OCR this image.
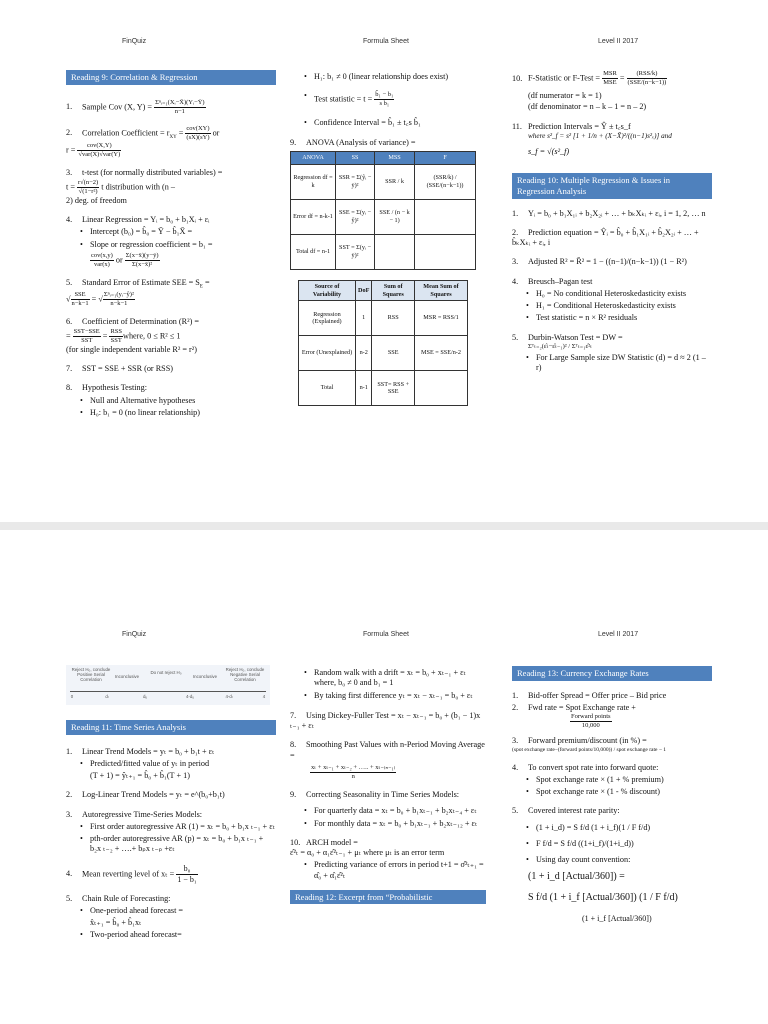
FinQuiz	Formula Sheet	Level II 2017
Reading 9: Correlation & Regression
1. Sample Cov (X, $Y) = \frac{\text{Σⁿᵢ₌₁(Xᵢ−X̄)(Yᵢ−Ȳ)}}{n-1}$
2. Correlation Coefficient = $r_{XY} = \frac{\text{cov(XY)}}{(sX)(sY)}$ or
$r = \frac{\text{cov(X,Y)}}{\text{√var(X)√var(Y)}}$
3. t-test (for normally distributed variables) =
$t = \frac{r√(n-2)}{\text{√(1−r²)}}$ t distribution with (n –
2) deg. of freedom
4. Linear Regression = Yᵢ = b₀ + b₁Xᵢ + εᵢ
• Intercept (b₀) = b̂₀ = Ȳ − b̂₁X̄ =
• Slope or regression coefficient = b₁ =
$\frac{\text{cov(x,y)}}{\text{var(x)}}$ or $\frac{\Sigma(x-x̄)(y-ȳ)}{\text{Σ(x−x̄)²}}$
5. Standard Error of Estimate SEE = $S_E$ =
√ $\frac{\text{SSE}}{n-k-1}$ = √ $\frac{\text{Σⁿᵢ₌₁(yᵢ−ŷ)²}}{n-k-1}$
6. Coefficient of Determination (R²) =
= $\frac{\text{SST−SSE}}{\text{SST}} = \frac{\text{RSS}}{\text{SST}}$ where, 0 ≤ R² ≤ 1
(for single independent variable R² = r²)
7. SST = SSE + SSR (or RSS)
8. Hypothesis Testing:
• Null and Alternative hypotheses
• H₀: b₁ = 0 (no linear relationship)
• H₁: b₁ ≠ 0 (linear relationship does exist)
• Test statistic = $t = \frac{\text{b̂₁ − b₁}}{\text{s b̂₁}}$
• Confidence Interval = b̂₁ ± t꜀s b̂₁
9. ANOVA (Analysis of variance) =
ANOVA	SS	MSS	F
Regression df = k	SSR = Σ(ŷᵢ − ȳ)²	SSR / k	(SSR/k) / (SSE/(n−k−1))
Error df = n-k-1	SSE = Σ(yᵢ − ŷ)²	SSE / (n − k − 1)	
Total df = n-1	SST = Σ(yᵢ − ȳ)²		
Source of Variability	DoF	Sum of Squares	Mean Sum of Squares
Regression (Explained)	1	RSS	MSR = RSS/1
Error (Unexplained)	n-2	SSE	MSE = SSE/n-2
Total	n-1	SST= RSS + SSE	
10. F-Statistic or F-Test = $\frac{\text{MSR}}{\text{MSE}} = \frac{\text{(RSS/k)}}{\text{(SSE/(n−k−1))}}$
(df numerator = k = 1)
(df denominator = n – k – 1 = n – 2)
11. Prediction Intervals = Ŷ ± t꜀s_f
where s²_f = s² [1 + 1/n + (X−X̄)²/((n−1)s²ₓ)] and
s_f = √(s²_f)
Reading 10: Multiple Regression & Issues in Regression Analysis
1. Yᵢ = b₀ + b₁X₁ᵢ + b₂X₂ᵢ + … + bₖXₖᵢ + εᵢ, i = 1, 2, … n
2. Prediction equation = Ŷᵢ = b̂₀ + b̂₁X₁ᵢ + b̂₂X₂ᵢ + … + b̂ₖXₖᵢ + εᵢ, i
3. Adjusted R² = R̄² = 1 − ((n−1)/(n−k−1)) (1 − R²)
4. Breusch–Pagan test
• H₀ = No conditional Heteroskedasticity exists
• H₁ = Conditional Heteroskedasticity exists
• Test statistic = n × R² residuals
5. Durbin-Watson Test = DW =
Σᵀₜ₌₂(ε̂ₜ−ε̂ₜ₋₁)² / Σᵀₜ₌₁ε̂²ₜ
• For Large Sample size DW Statistic (d) = d ≈ 2 (1 – r)
FinQuiz	Formula Sheet	Level II 2017
Reject H₀, conclude Positive Serial Correlation
Inconclusive
Do not reject H₀
Inconclusive
Reject H₀, conclude Negative Serial Correlation
0	dₗ	dᵤ	4-dᵤ	4-dₗ	4
Reading 11: Time Series Analysis
1. Linear Trend Models = yₜ = b₀ + b₁t + εₜ
• Predicted/fitted value of yₜ in period
(T + 1) = ŷₜ₊₁ = b̂₀ + b̂₁(T + 1)
2. Log-Linear Trend Models = yₜ = e^(b₀+b₁t)
3. Autoregressive Time-Series Models:
• First order autoregressive AR (1) = xₜ = b₀ + b₁x ₜ₋₁ + εₜ
• pth-order autoregressive AR (p) = xₜ = b₀ + b₁x ₜ₋₁ + b₂x ₜ₋₂ + ….+ bₚx ₜ₋ₚ +εₜ
4. Mean reverting level of $x_t = \frac{\text{b₀}}{\text{1 − b₁}}$
5. Chain Rule of Forecasting:
• One-period ahead forecast =
x̂ₜ₊₁ = b̂₀ + b̂₁xₜ
• Two-period ahead forecast=
• Random walk with a drift = xₜ = b₀ + xₜ₋₁ + εₜ where, b₀ ≠ 0 and b₁ = 1
• By taking first difference yₜ = xₜ − xₜ₋₁ = b₀ + εₜ
7. Using Dickey-Fuller Test = xₜ − xₜ₋₁ = b₀ + (b₁ − 1)x ₜ₋₁ + εₜ
8. Smoothing Past Values with n-Period Moving Average =
$\frac{\text{xₜ + xₜ₋₁ + xₜ₋₂ + ….. + xₜ₋₍ₙ₋₁₎}}{n}$
9. Correcting Seasonality in Time Series Models:
• For quarterly data = xₜ = b₀ + b₁xₜ₋₁ + b₂xₜ₋₄ + εₜ
• For monthly data = xₜ = b₀ + b₁xₜ₋₁ + b₂xₜ₋₁₂ + εₜ
10. ARCH model =
ε̂²ₜ = α₀ + α₁ε̂²ₜ₋₁ + μₜ where μₜ is an error term
• Predicting variance of errors in period t+1 = σ̂²ₜ₊₁ = α̂₀ + α̂₁ε̂²ₜ
Reading 12: Excerpt from “Probabilistic
Reading 13: Currency Exchange Rates
1. Bid-offer Spread = Offer price – Bid price
2. Fwd rate = Spot Exchange rate +

$\frac{\text{Forward points}}{10,000}$
3. Forward premium/discount (in %) =
(spot exchange rate−(forward points/10,000)) / spot exchange rate − 1
4. To convert spot rate into forward quote:
• Spot exchange rate × (1 + % premium)
• Spot exchange rate × (1 - % discount)
5. Covered interest rate parity:
• (1 + i_d) = S f/d (1 + i_f)(1 / F f/d)
• F f/d = S f/d ((1+i_f)/(1+i_d))
• Using day count convention:
(1 + i_d [Actual/360]) =
S f/d (1 + i_f [Actual/360]) (1 / F f/d)
(1 + i_f [Actual/360])
